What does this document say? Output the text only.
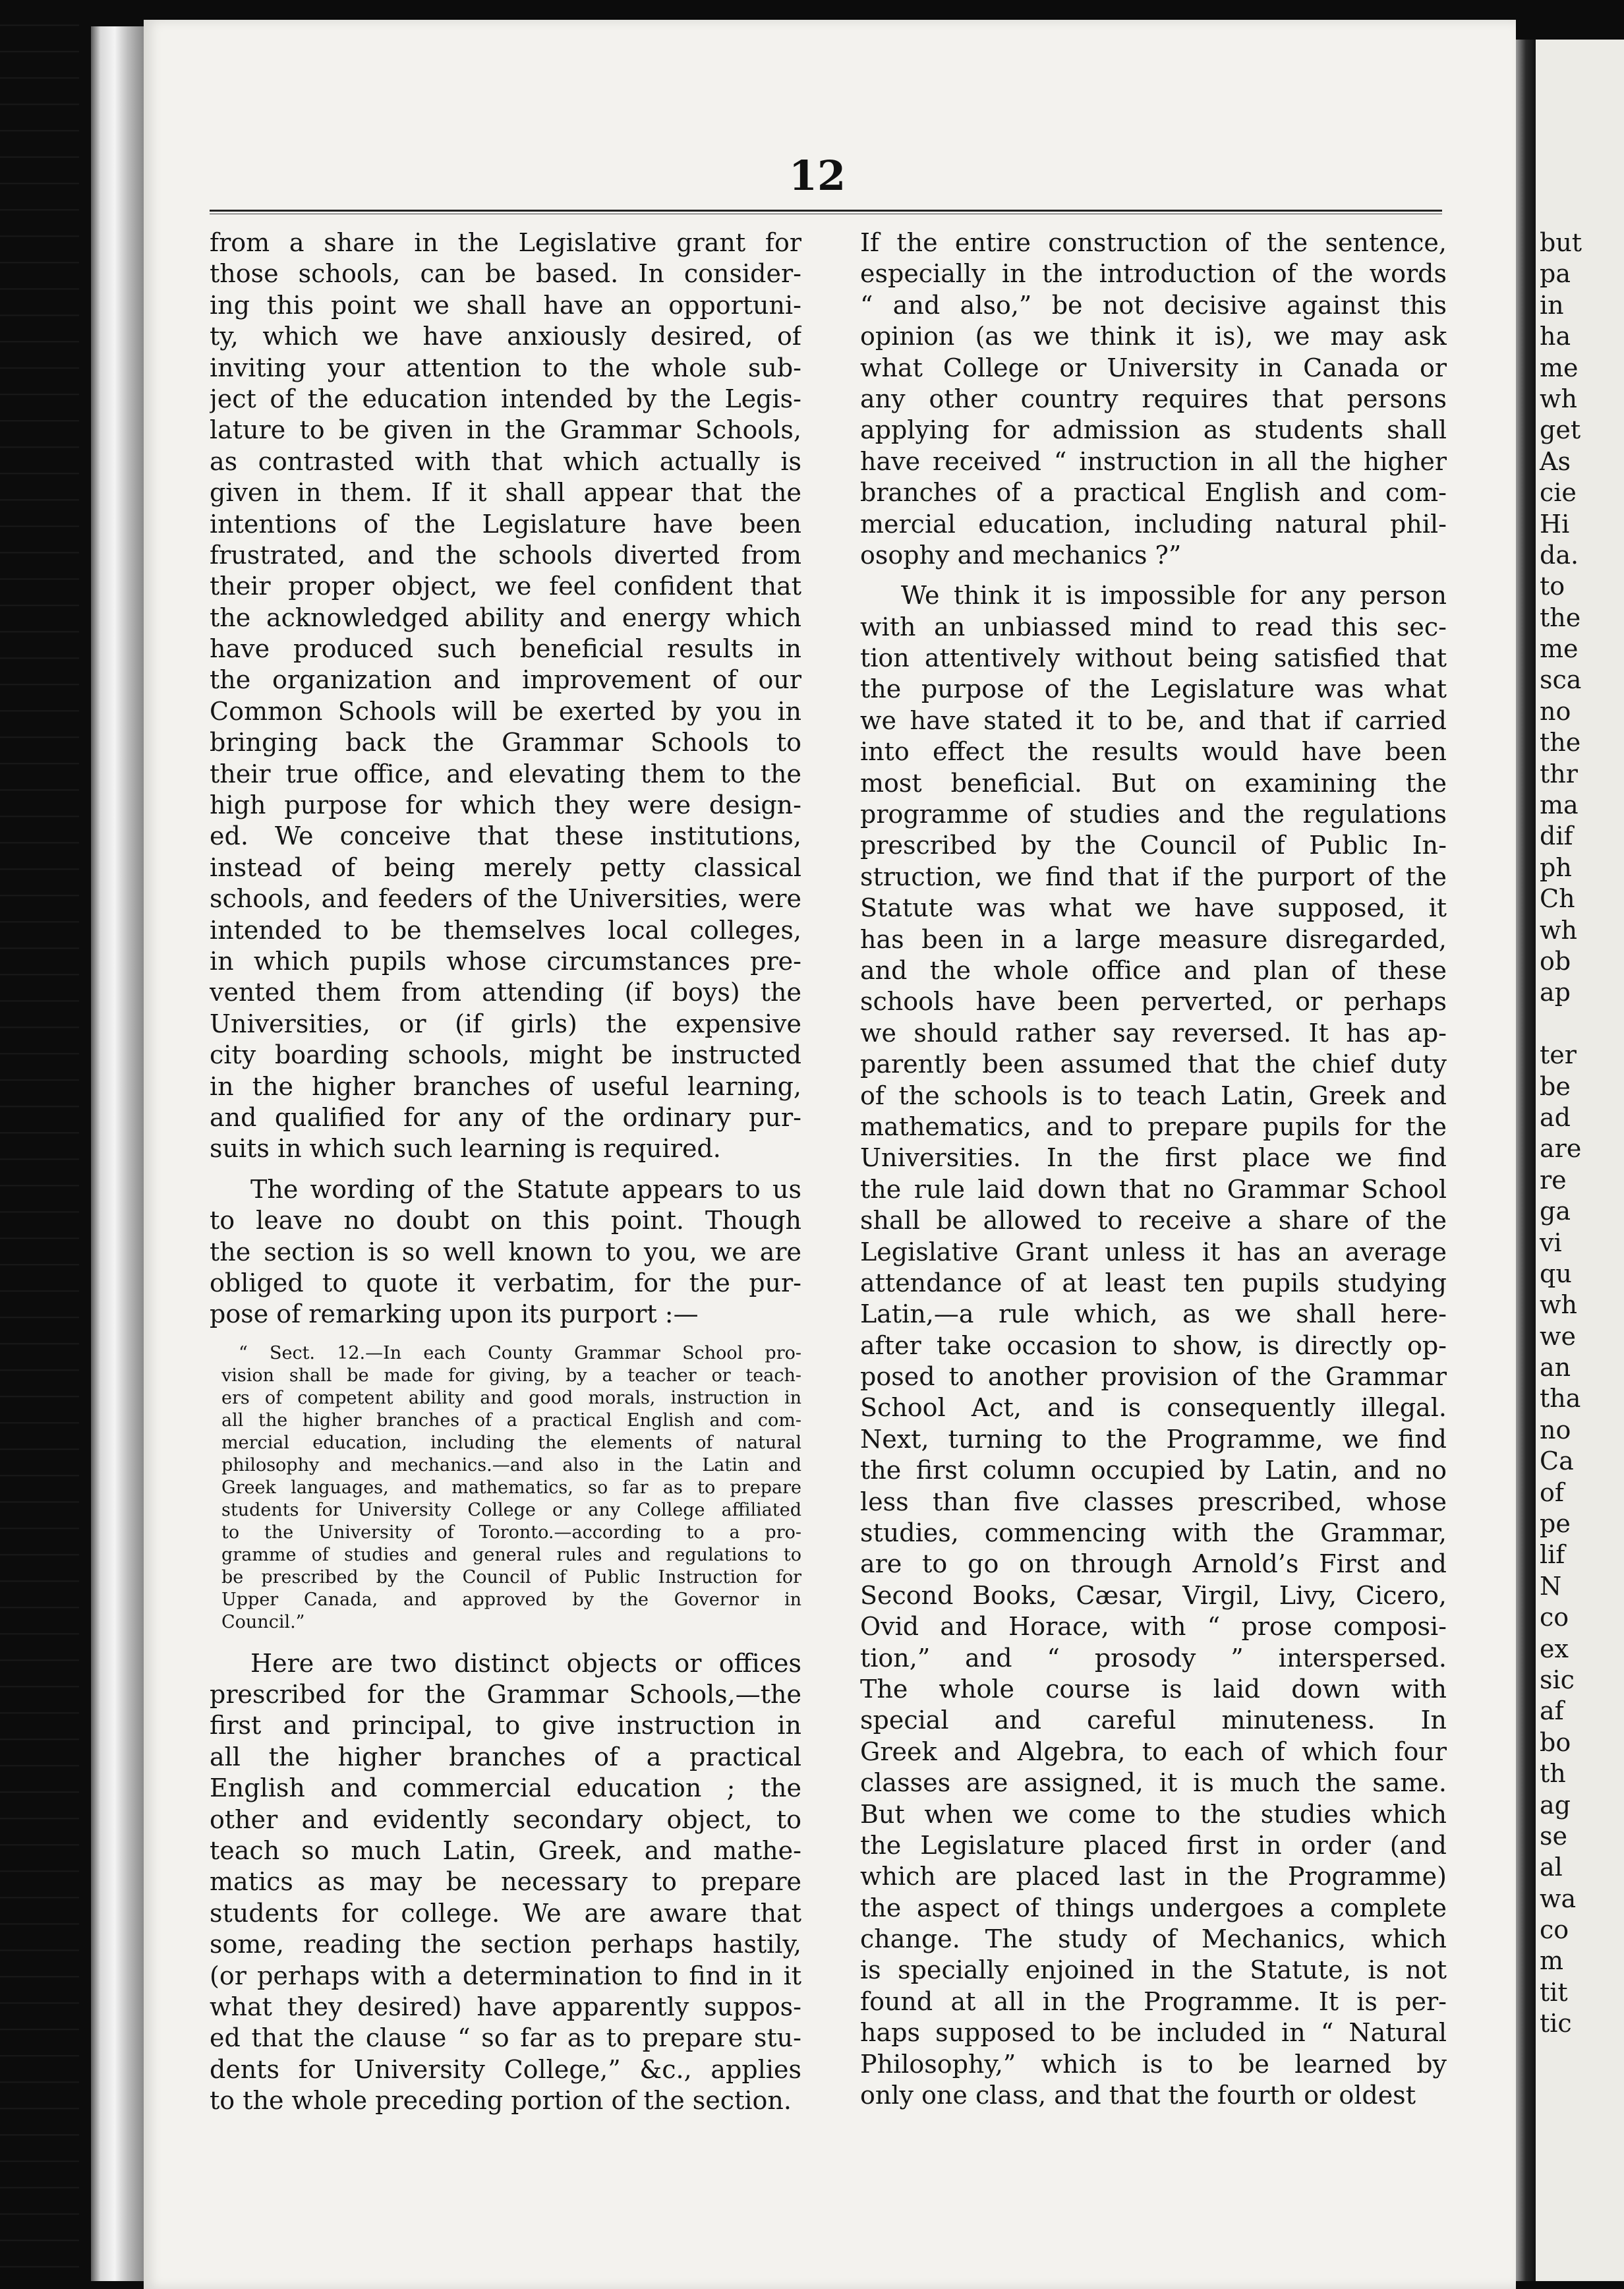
12
from a share in the Legislative grant for
those schools, can be based. In consider-
ing this point we shall have an opportuni-
ty, which we have anxiously desired, of
inviting your attention to the whole sub-
ject of the education intended by the Legis-
lature to be given in the Grammar Schools,
as contrasted with that which actually is
given in them. If it shall appear that the
intentions of the Legislature have been
frustrated, and the schools diverted from
their proper object, we feel confident that
the acknowledged ability and energy which
have produced such beneficial results in
the organization and improvement of our
Common Schools will be exerted by you in
bringing back the Grammar Schools to
their true office, and elevating them to the
high purpose for which they were design-
ed. We conceive that these institutions,
instead of being merely petty classical
schools, and feeders of the Universities, were
intended to be themselves local colleges,
in which pupils whose circumstances pre-
vented them from attending (if boys) the
Universities, or (if girls) the expensive
city boarding schools, might be instructed
in the higher branches of useful learning,
and qualified for any of the ordinary pur-
suits in which such learning is required.
The wording of the Statute appears to us
to leave no doubt on this point. Though
the section is so well known to you, we are
obliged to quote it verbatim, for the pur-
pose of remarking upon its purport :—
“ Sect. 12.—In each County Grammar School pro-
vision shall be made for giving, by a teacher or teach-
ers of competent ability and good morals, instruction in
all the higher branches of a practical English and com-
mercial education, including the elements of natural
philosophy and mechanics.—and also in the Latin and
Greek languages, and mathematics, so far as to prepare
students for University College or any College affiliated
to the University of Toronto.—according to a pro-
gramme of studies and general rules and regulations to
be prescribed by the Council of Public Instruction for
Upper Canada, and approved by the Governor in
Council.”
Here are two distinct objects or offices
prescribed for the Grammar Schools,—the
first and principal, to give instruction in
all the higher branches of a practical
English and commercial education ; the
other and evidently secondary object, to
teach so much Latin, Greek, and mathe-
matics as may be necessary to prepare
students for college. We are aware that
some, reading the section perhaps hastily,
(or perhaps with a determination to find in it
what they desired) have apparently suppos-
ed that the clause “ so far as to prepare stu-
dents for University College,” &c., applies
to the whole preceding portion of the section.
If the entire construction of the sentence,
especially in the introduction of the words
“ and also,” be not decisive against this
opinion (as we think it is), we may ask
what College or University in Canada or
any other country requires that persons
applying for admission as students shall
have received “ instruction in all the higher
branches of a practical English and com-
mercial education, including natural phil-
osophy and mechanics ?”
We think it is impossible for any person
with an unbiassed mind to read this sec-
tion attentively without being satisfied that
the purpose of the Legislature was what
we have stated it to be, and that if carried
into effect the results would have been
most beneficial. But on examining the
programme of studies and the regulations
prescribed by the Council of Public In-
struction, we find that if the purport of the
Statute was what we have supposed, it
has been in a large measure disregarded,
and the whole office and plan of these
schools have been perverted, or perhaps
we should rather say reversed. It has ap-
parently been assumed that the chief duty
of the schools is to teach Latin, Greek and
mathematics, and to prepare pupils for the
Universities. In the first place we find
the rule laid down that no Grammar School
shall be allowed to receive a share of the
Legislative Grant unless it has an average
attendance of at least ten pupils studying
Latin,—a rule which, as we shall here-
after take occasion to show, is directly op-
posed to another provision of the Grammar
School Act, and is consequently illegal.
Next, turning to the Programme, we find
the first column occupied by Latin, and no
less than five classes prescribed, whose
studies, commencing with the Grammar,
are to go on through Arnold’s First and
Second Books, Cæsar, Virgil, Livy, Cicero,
Ovid and Horace, with “ prose composi-
tion,” and “ prosody ” interspersed.
The whole course is laid down with
special and careful minuteness. In
Greek and Algebra, to each of which four
classes are assigned, it is much the same.
But when we come to the studies which
the Legislature placed first in order (and
which are placed last in the Programme)
the aspect of things undergoes a complete
change. The study of Mechanics, which
is specially enjoined in the Statute, is not
found at all in the Programme. It is per-
haps supposed to be included in “ Natural
Philosophy,” which is to be learned by
only one class, and that the fourth or oldest
but
pa
in
ha
me
wh
get
As
cie
Hi
da.
to
the
me
sca
no
the
thr
ma
dif
ph
Ch
wh
ob
ap
ter
be
ad
are
re
ga
vi
qu
wh
we
an
tha
no
Ca
of
pe
lif
N
co
ex
sic
af
bo
th
ag
se
al
wa
co
m
tit
tic
